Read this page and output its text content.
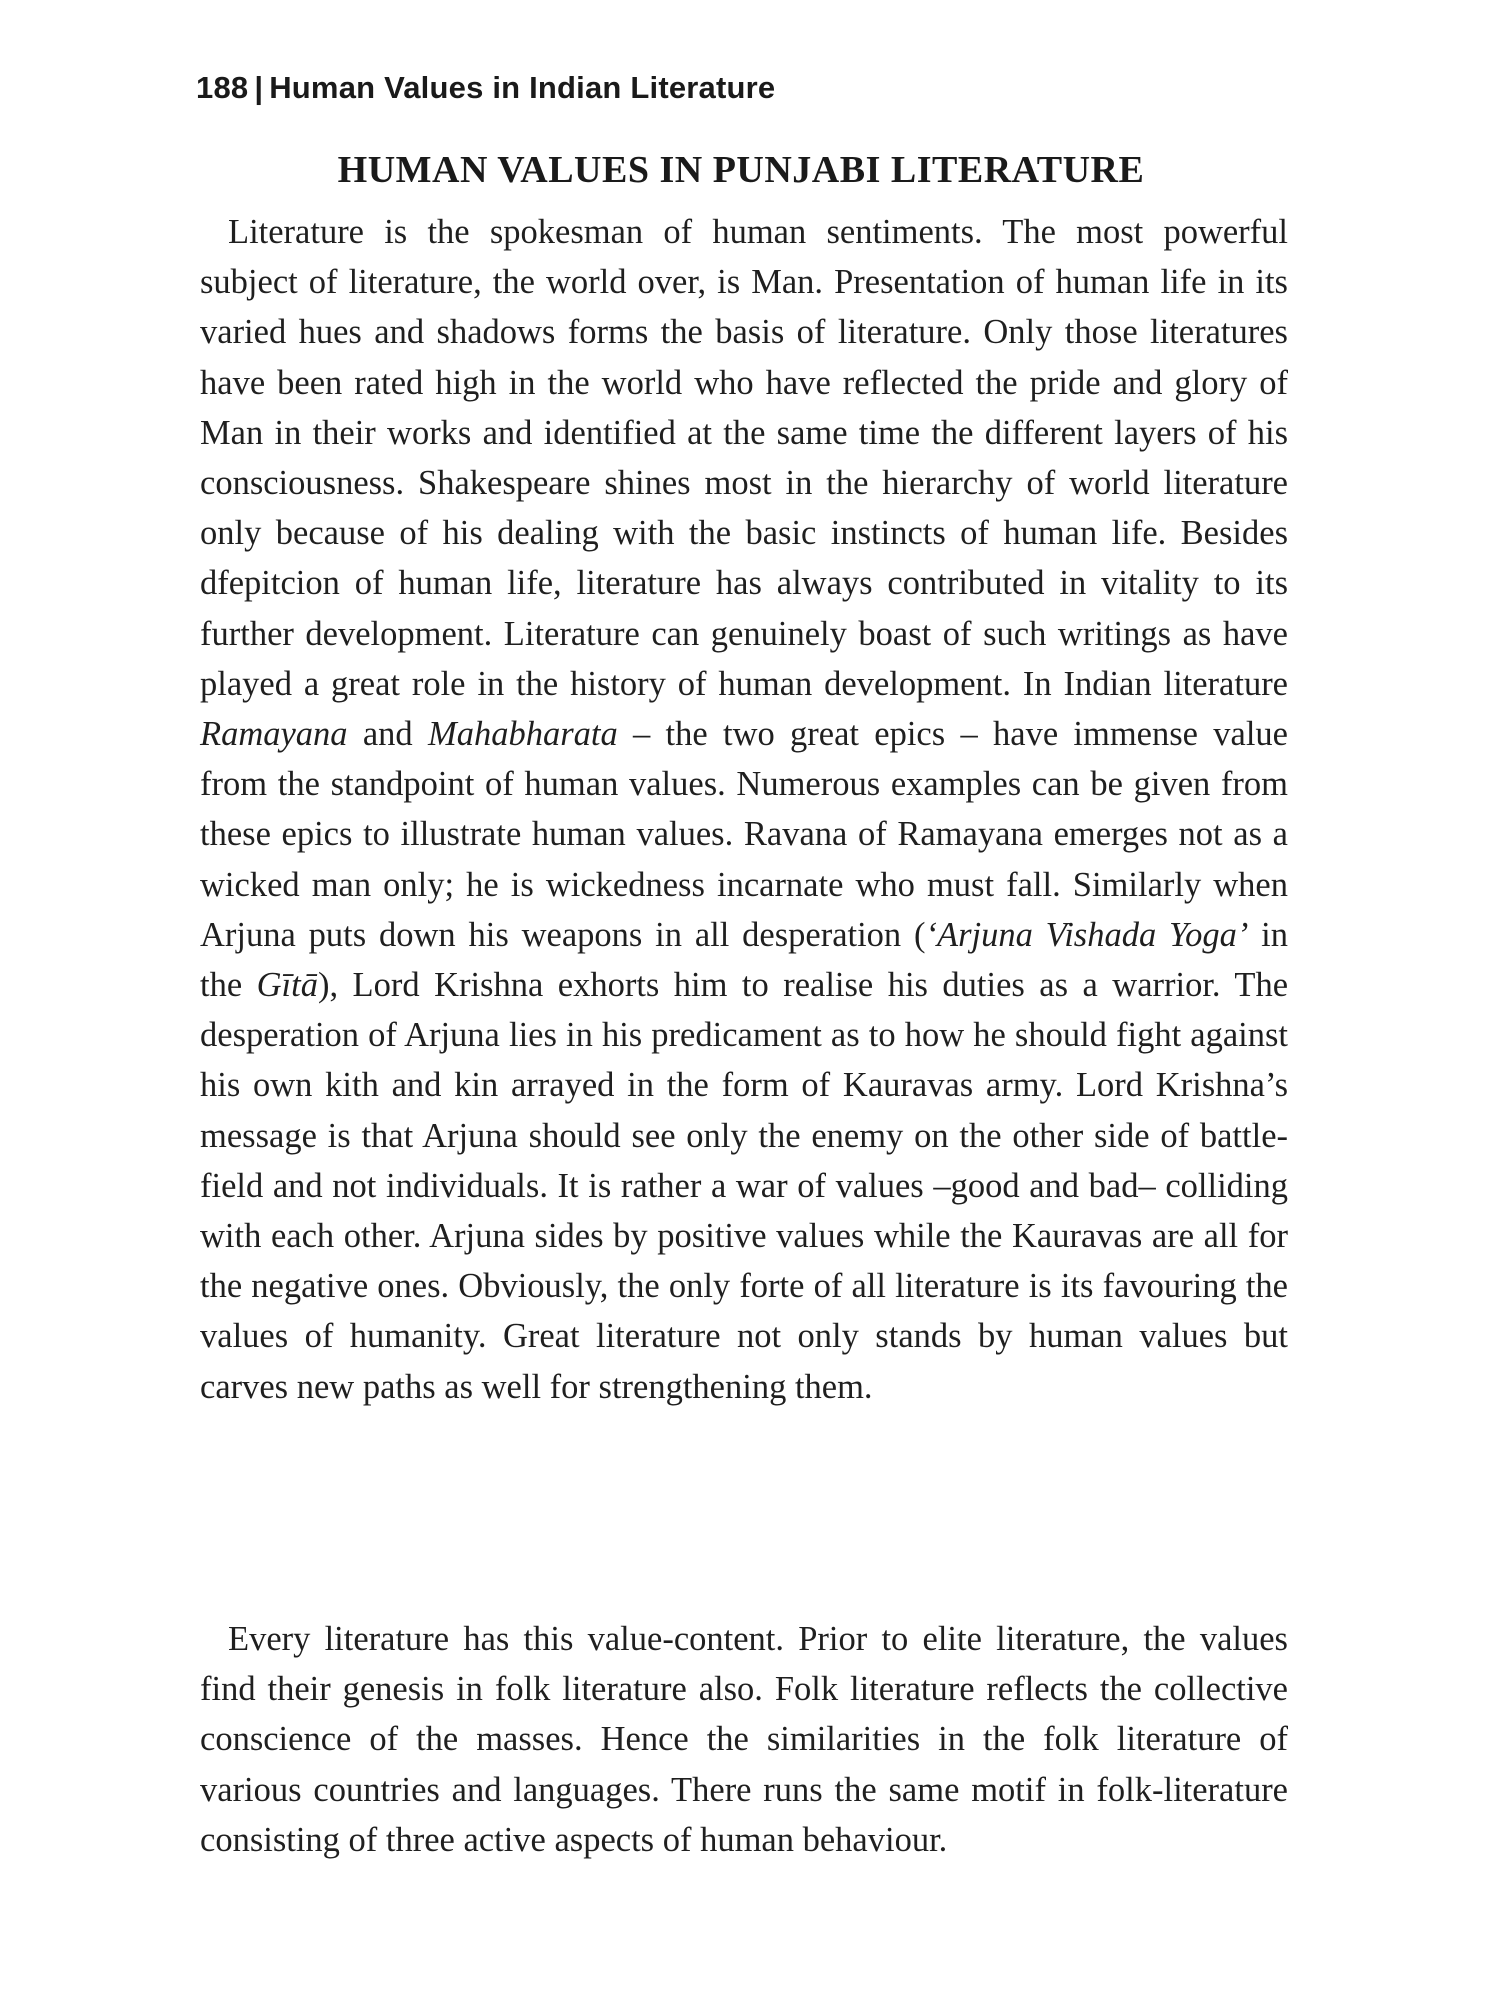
188 | Human Values in Indian Literature
HUMAN VALUES IN PUNJABI LITERATURE

Literature is the spokesman of human sentiments. The most powerful subject of literature, the world over, is Man. Presentation of human life in its varied hues and shadows forms the basis of literature. Only those literatures have been rated high in the world who have reflected the pride and glory of Man in their works and identified at the same time the different layers of his consciousness. Shakespeare shines most in the hierarchy of world literature only because of his dealing with the basic instincts of human life. Besides dfepitcion of human life, literature has always contributed in vitality to its further development. Literature can genuinely boast of such writings as have played a great role in the history of human development. In Indian literature Ramayana and Mahabharata – the two great epics – have immense value from the standpoint of human values. Numerous examples can be given from these epics to illustrate human values. Ravana of Ramayana emerges not as a wicked man only; he is wickedness incarnate who must fall. Similarly when Arjuna puts down his weapons in all desperation (‘Arjuna Vishada Yoga’ in the Gītā), Lord Krishna exhorts him to realise his duties as a warrior. The desperation of Arjuna lies in his predicament as to how he should fight against his own kith and kin arrayed in the form of Kauravas army. Lord Krishna’s message is that Arjuna should see only the enemy on the other side of battle-field and not individuals. It is rather a war of values –good and bad– colliding with each other. Arjuna sides by positive values while the Kauravas are all for the negative ones. Obviously, the only forte of all literature is its favouring the values of humanity. Great literature not only stands by human values but carves new paths as well for strengthening them.

Every literature has this value-content. Prior to elite literature, the values find their genesis in folk literature also. Folk literature reflects the collective conscience of the masses. Hence the similarities in the folk literature of various countries and languages. There runs the same motif in folk-literature consisting of three active aspects of human behaviour.
